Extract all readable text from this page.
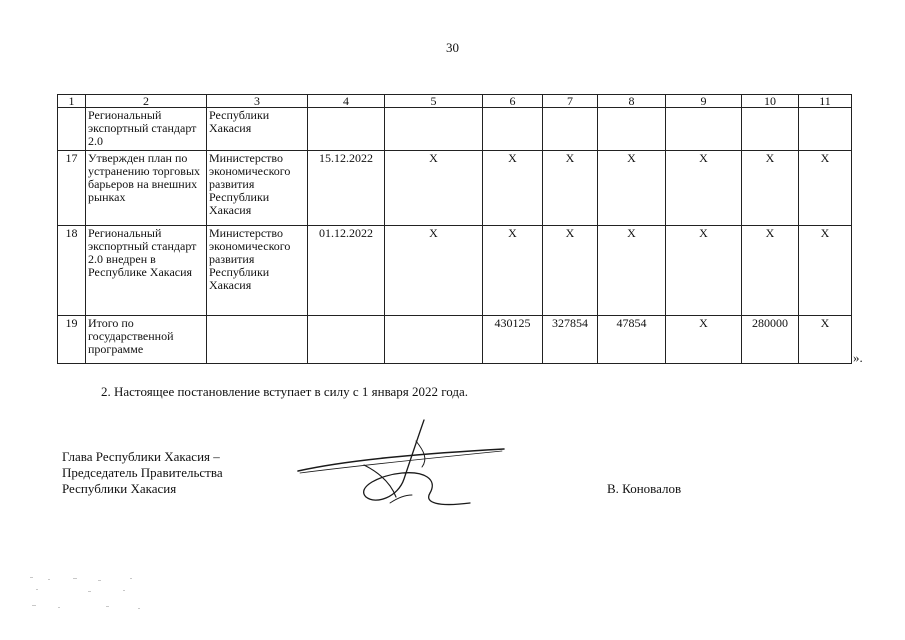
30
1	2	3	4	5	6	7	8	9	10	11
	Региональный экспортный стандарт 2.0	Республики Хакасия								
17	Утвержден план по устранению торговых барьеров на внешних рынках	Министерство экономического развития Республики Хакасия	15.12.2022	X	X	X	X	X	X	X
18	Региональный экспортный стандарт 2.0 внедрен в Республике Хакасия	Министерство экономического развития Республики Хакасия	01.12.2022	X	X	X	X	X	X	X
19	Итого по государственной программе				430125	327854	47854	X	280000	X
».
2. Настоящее постановление вступает в силу с 1 января 2022 года.
Глава Республики Хакасия –
Председатель Правительства
Республики Хакасия	В. Коновалов
